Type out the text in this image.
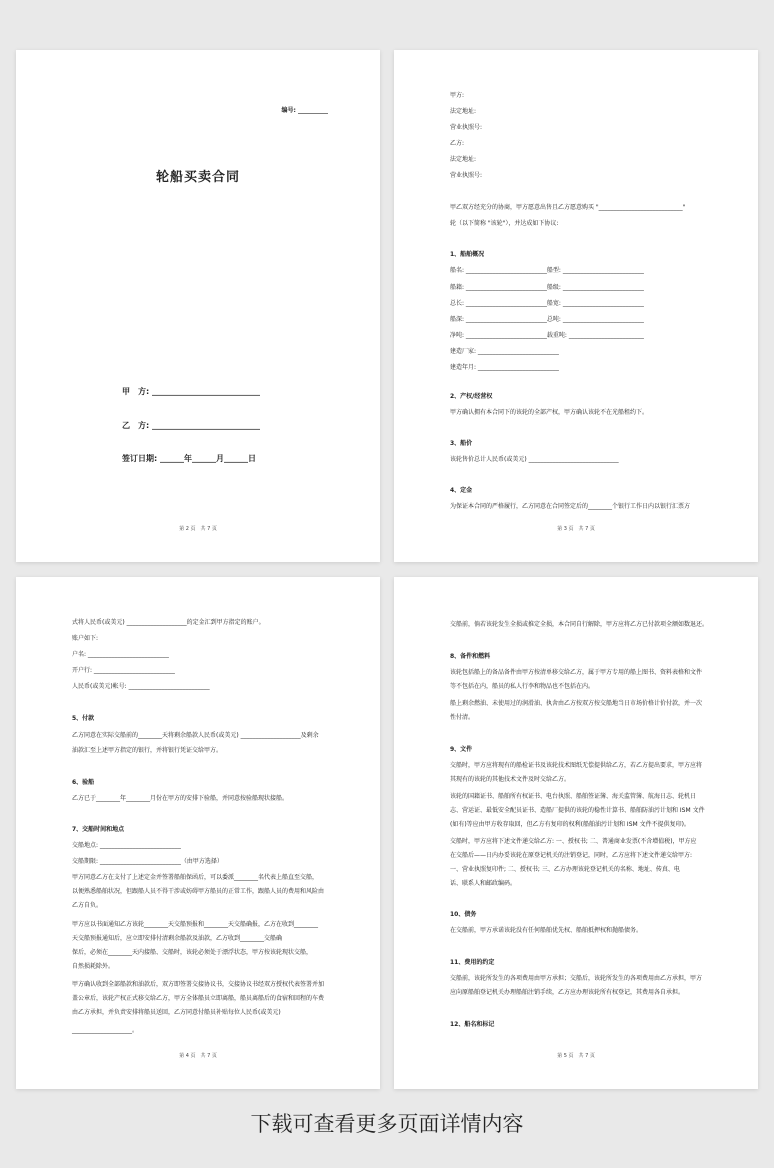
编号: __________
轮船买卖合同
甲　方: ___________________________
乙　方: ___________________________
签订日期: ______年______月______日
第 2 页　共 7 页
甲方:
法定地址:
营业执照号:
乙方:
法定地址:
营业执照号:
甲乙双方经充分的协商，甲方愿意出售且乙方愿意购买 "____________________________"
轮（以下简称 "该轮"），并达成如下协议:
1、船舶概况
船名: ___________________________船型: ___________________________
船籍: ___________________________船级: ___________________________
总长: ___________________________船宽: ___________________________
船深: ___________________________总吨: ___________________________
净吨: ___________________________载重吨: _________________________
建造厂家: ___________________________
建造年月: ___________________________
2、产权/经营权
甲方确认拥有本合同下的该轮的全部产权，甲方确认该轮不在光船租约下。
3、船价
该轮售价总计人民币(或美元) ______________________________
4、定金
为保证本合同的严格履行，乙方同意在合同签定后的________个银行工作日内以银行汇票方
第 3 页　共 7 页
式将人民币(或美元) ____________________的定金汇到甲方指定的账户。
账户如下:
户名: ___________________________
开户行: ___________________________
人民币(或美元)帐号: ___________________________
5、付款
乙方同意在实际交船前的________天将剩余船款人民币(或美元) ____________________及剩余
油款汇至上述甲方指定的银行，并将银行凭证交给甲方。
6、验船
乙方已于________年________月份在甲方的安排下验船，并同意按验船现状接船。
7、交船时间和地点
交船地点: ___________________________
交船期限: ___________________________（由甲方选择）
甲方同意乙方在支付了上述定金并签署船舶保函后，可以委派________名代表上船直至交船，
以便熟悉船舶状况，但跟船人员不得干涉或妨碍甲方船员的正常工作，跟船人员的费用和风险由
乙方自负。
甲方应以书面通知乙方该轮________天交船预报和________天交船确报，乙方在收到________
天交船预报通知后，应立即安排付清剩余船款及油款，乙方收到________交船确
保后，必须在________天内接船、交船时，该轮必须处于漂浮状态，甲方按该轮现状交船，
自然损耗除外。
甲方确认收到全部船款和油款后，双方即签署交接协议书，交接协议书经双方授权代表签署并加
盖公章后，该轮产权正式移交给乙方，甲方全体船员立即离船，船员离船后的食宿和回程的车费
由乙方承担，并负责安排将船员送回，乙方同意付船员补贴每位人民币(或美元)
____________________。
第 4 页　共 7 页
交船前，倘若该轮发生全损或推定全损，本合同自行解除，甲方应将乙方已付款项全额如数退还。
8、备件和燃料
该轮包括船上的备品备件由甲方按清单移交给乙方，属于甲方专用的船上图书、资料表格和文件
等不包括在内，船员的私人行李和物品也不包括在内。
船上剩余燃油、未使用过的润滑油、执舍由乙方按双方按交船地当日市场价格计价付款，并一次
性付清。
9、文件
交船时，甲方应将现有的船检证书及该轮技术图纸无偿提供给乙方，若乙方提出要求，甲方应将
其现有的该轮的其他技术文件及时交给乙方。
该轮的国籍证书、船舶所有权证书、电台执照、船舶签证簿、海关监管簿、航海日志、轮机日
志、营运证、最低安全配员证书、造船厂提供的该轮的稳性计算书、船舶防油污计划和 ISM 文件
(如有)等应由甲方收存取回，但乙方有复印的权利(船舶油污计划和 ISM 文件不提供复印)。
交船时，甲方应将下述文件递交给乙方: 一、授权书; 二、普通商业发票(不含增值税)，甲方应
在交船后——日内办妥该轮在原登记机关的注销登记，同时，乙方应将下述文件递交给甲方:
一、营业执照复印件; 二、授权书; 三、乙方办理该轮登记机关的名称、地址、传真、电
话、联系人和邮政编码。
10、债务
在交船前，甲方承诺该轮没有任何船舶优先权、船舶抵押权和抛船债务。
11、费用的约定
交船前，该轮所发生的各项费用由甲方承担；交船后，该轮所发生的各项费用由乙方承担，甲方
应向原船舶登记机关办理船舶注销手续，乙方应办理该轮所有权登记，其费用各自承担。
12、船名和标记
第 5 页　共 7 页
下载可查看更多页面详情内容
